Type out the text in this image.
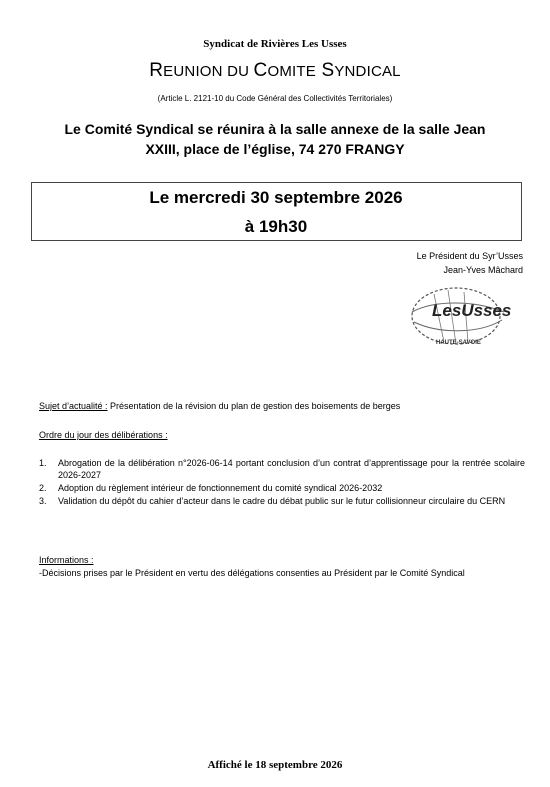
Syndicat de Rivières Les Usses
REUNION DU COMITE SYNDICAL
(Article L. 2121-10 du Code Général des Collectivités Territoriales)
Le Comité Syndical se réunira à la salle annexe de la salle Jean
XXIII, place de l’église, 74 270 FRANGY
Le mercredi 30 septembre 2026
à 19h30
Le Président du Syr’Usses
Jean-Yves Mâchard
LesUsses
HAUTE-SAVOIE
Sujet d’actualité : Présentation de la révision du plan de gestion des boisements de berges
Ordre du jour des délibérations :
1. Abrogation de la délibération n°2026-06-14 portant conclusion d’un contrat d’apprentissage pour la rentrée scolaire 2026-2027
2. Adoption du règlement intérieur de fonctionnement du comité syndical 2026-2032
3. Validation du dépôt du cahier d’acteur dans le cadre du débat public sur le futur collisionneur circulaire du CERN
Informations :
-Décisions prises par le Président en vertu des délégations consenties au Président par le Comité Syndical
Affiché le 18 septembre 2026
